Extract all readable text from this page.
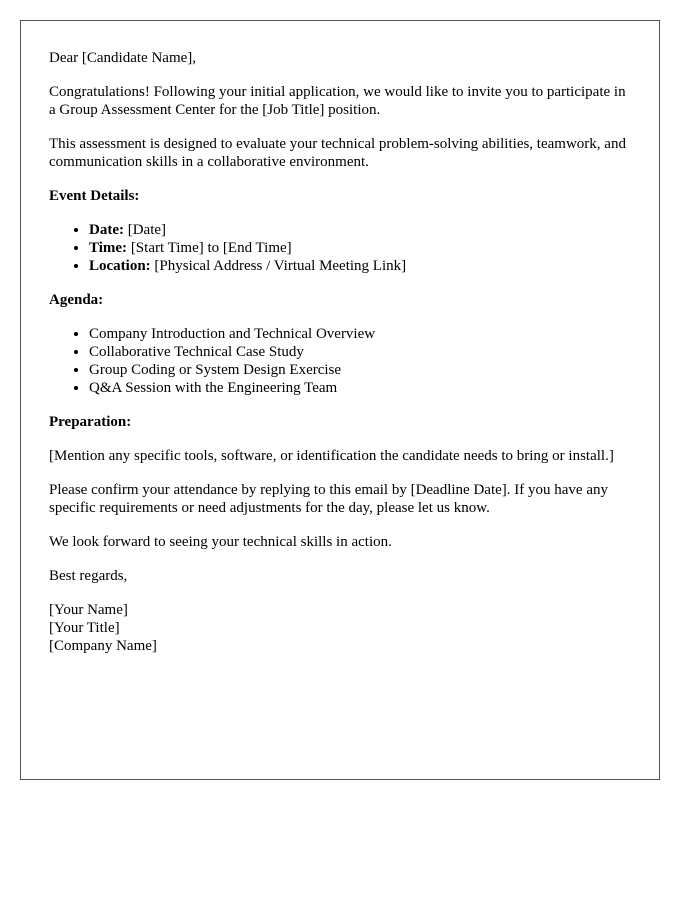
Dear [Candidate Name],

Congratulations! Following your initial application, we would like to invite you to participate in a Group Assessment Center for the [Job Title] position.

This assessment is designed to evaluate your technical problem-solving abilities, teamwork, and communication skills in a collaborative environment.

Event Details:

• Date: [Date]
• Time: [Start Time] to [End Time]
• Location: [Physical Address / Virtual Meeting Link]

Agenda:

• Company Introduction and Technical Overview
• Collaborative Technical Case Study
• Group Coding or System Design Exercise
• Q&A Session with the Engineering Team

Preparation:

[Mention any specific tools, software, or identification the candidate needs to bring or install.]

Please confirm your attendance by replying to this email by [Deadline Date]. If you have any specific requirements or need adjustments for the day, please let us know.

We look forward to seeing your technical skills in action.

Best regards,

[Your Name]

[Your Title]

[Company Name]
